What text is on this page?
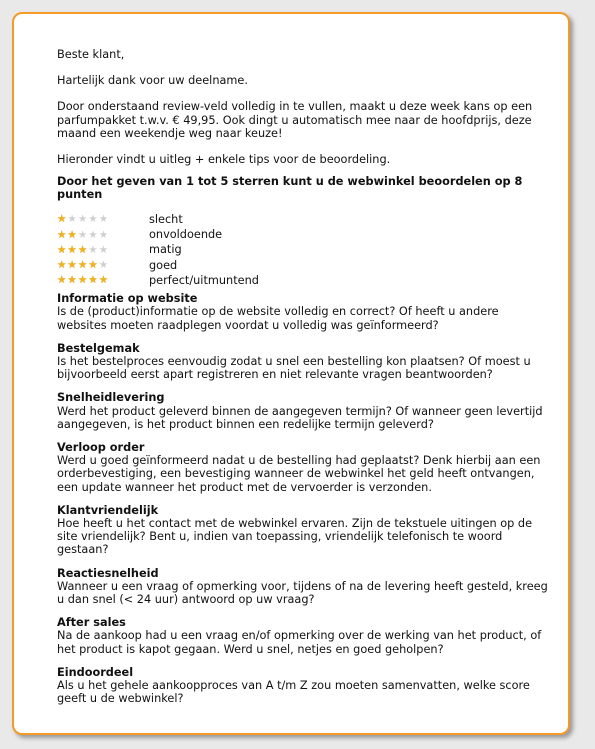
Beste klant,

Hartelijk dank voor uw deelname.

Door onderstaand review-veld volledig in te vullen, maakt u deze week kans op een parfumpakket t.w.v. € 49,95. Ook dingt u automatisch mee naar de hoofdprijs, deze maand een weekendje weg naar keuze!

Hieronder vindt u uitleg + enkele tips voor de beoordeling.

Door het geven van 1 tot 5 sterren kunt u de webwinkel beoordelen op 8 punten

★ ★ ★ ★ ★	slecht
★ ★ ★ ★ ★	onvoldoende
★ ★ ★ ★ ★	matig
★ ★ ★ ★ ★	goed
★ ★ ★ ★ ★	perfect/uitmuntend

Informatie op website

Is de (product)informatie op de website volledig en correct? Of heeft u andere websites moeten raadplegen voordat u volledig was geïnformeerd?

Bestelgemak

Is het bestelproces eenvoudig zodat u snel een bestelling kon plaatsen? Of moest u bijvoorbeeld eerst apart registreren en niet relevante vragen beantwoorden?

Snelheidlevering

Werd het product geleverd binnen de aangegeven termijn? Of wanneer geen levertijd aangegeven, is het product binnen een redelijke termijn geleverd?

Verloop order

Werd u goed geïnformeerd nadat u de bestelling had geplaatst? Denk hierbij aan een orderbevestiging, een bevestiging wanneer de webwinkel het geld heeft ontvangen, een update wanneer het product met de vervoerder is verzonden.

Klantvriendelijk

Hoe heeft u het contact met de webwinkel ervaren. Zijn de tekstuele uitingen op de site vriendelijk? Bent u, indien van toepassing, vriendelijk telefonisch te woord gestaan?

Reactiesnelheid

Wanneer u een vraag of opmerking voor, tijdens of na de levering heeft gesteld, kreeg u dan snel (< 24 uur) antwoord op uw vraag?

After sales

Na de aankoop had u een vraag en/of opmerking over de werking van het product, of het product is kapot gegaan. Werd u snel, netjes en goed geholpen?

Eindoordeel

Als u het gehele aankoopproces van A t/m Z zou moeten samenvatten, welke score geeft u de webwinkel?
